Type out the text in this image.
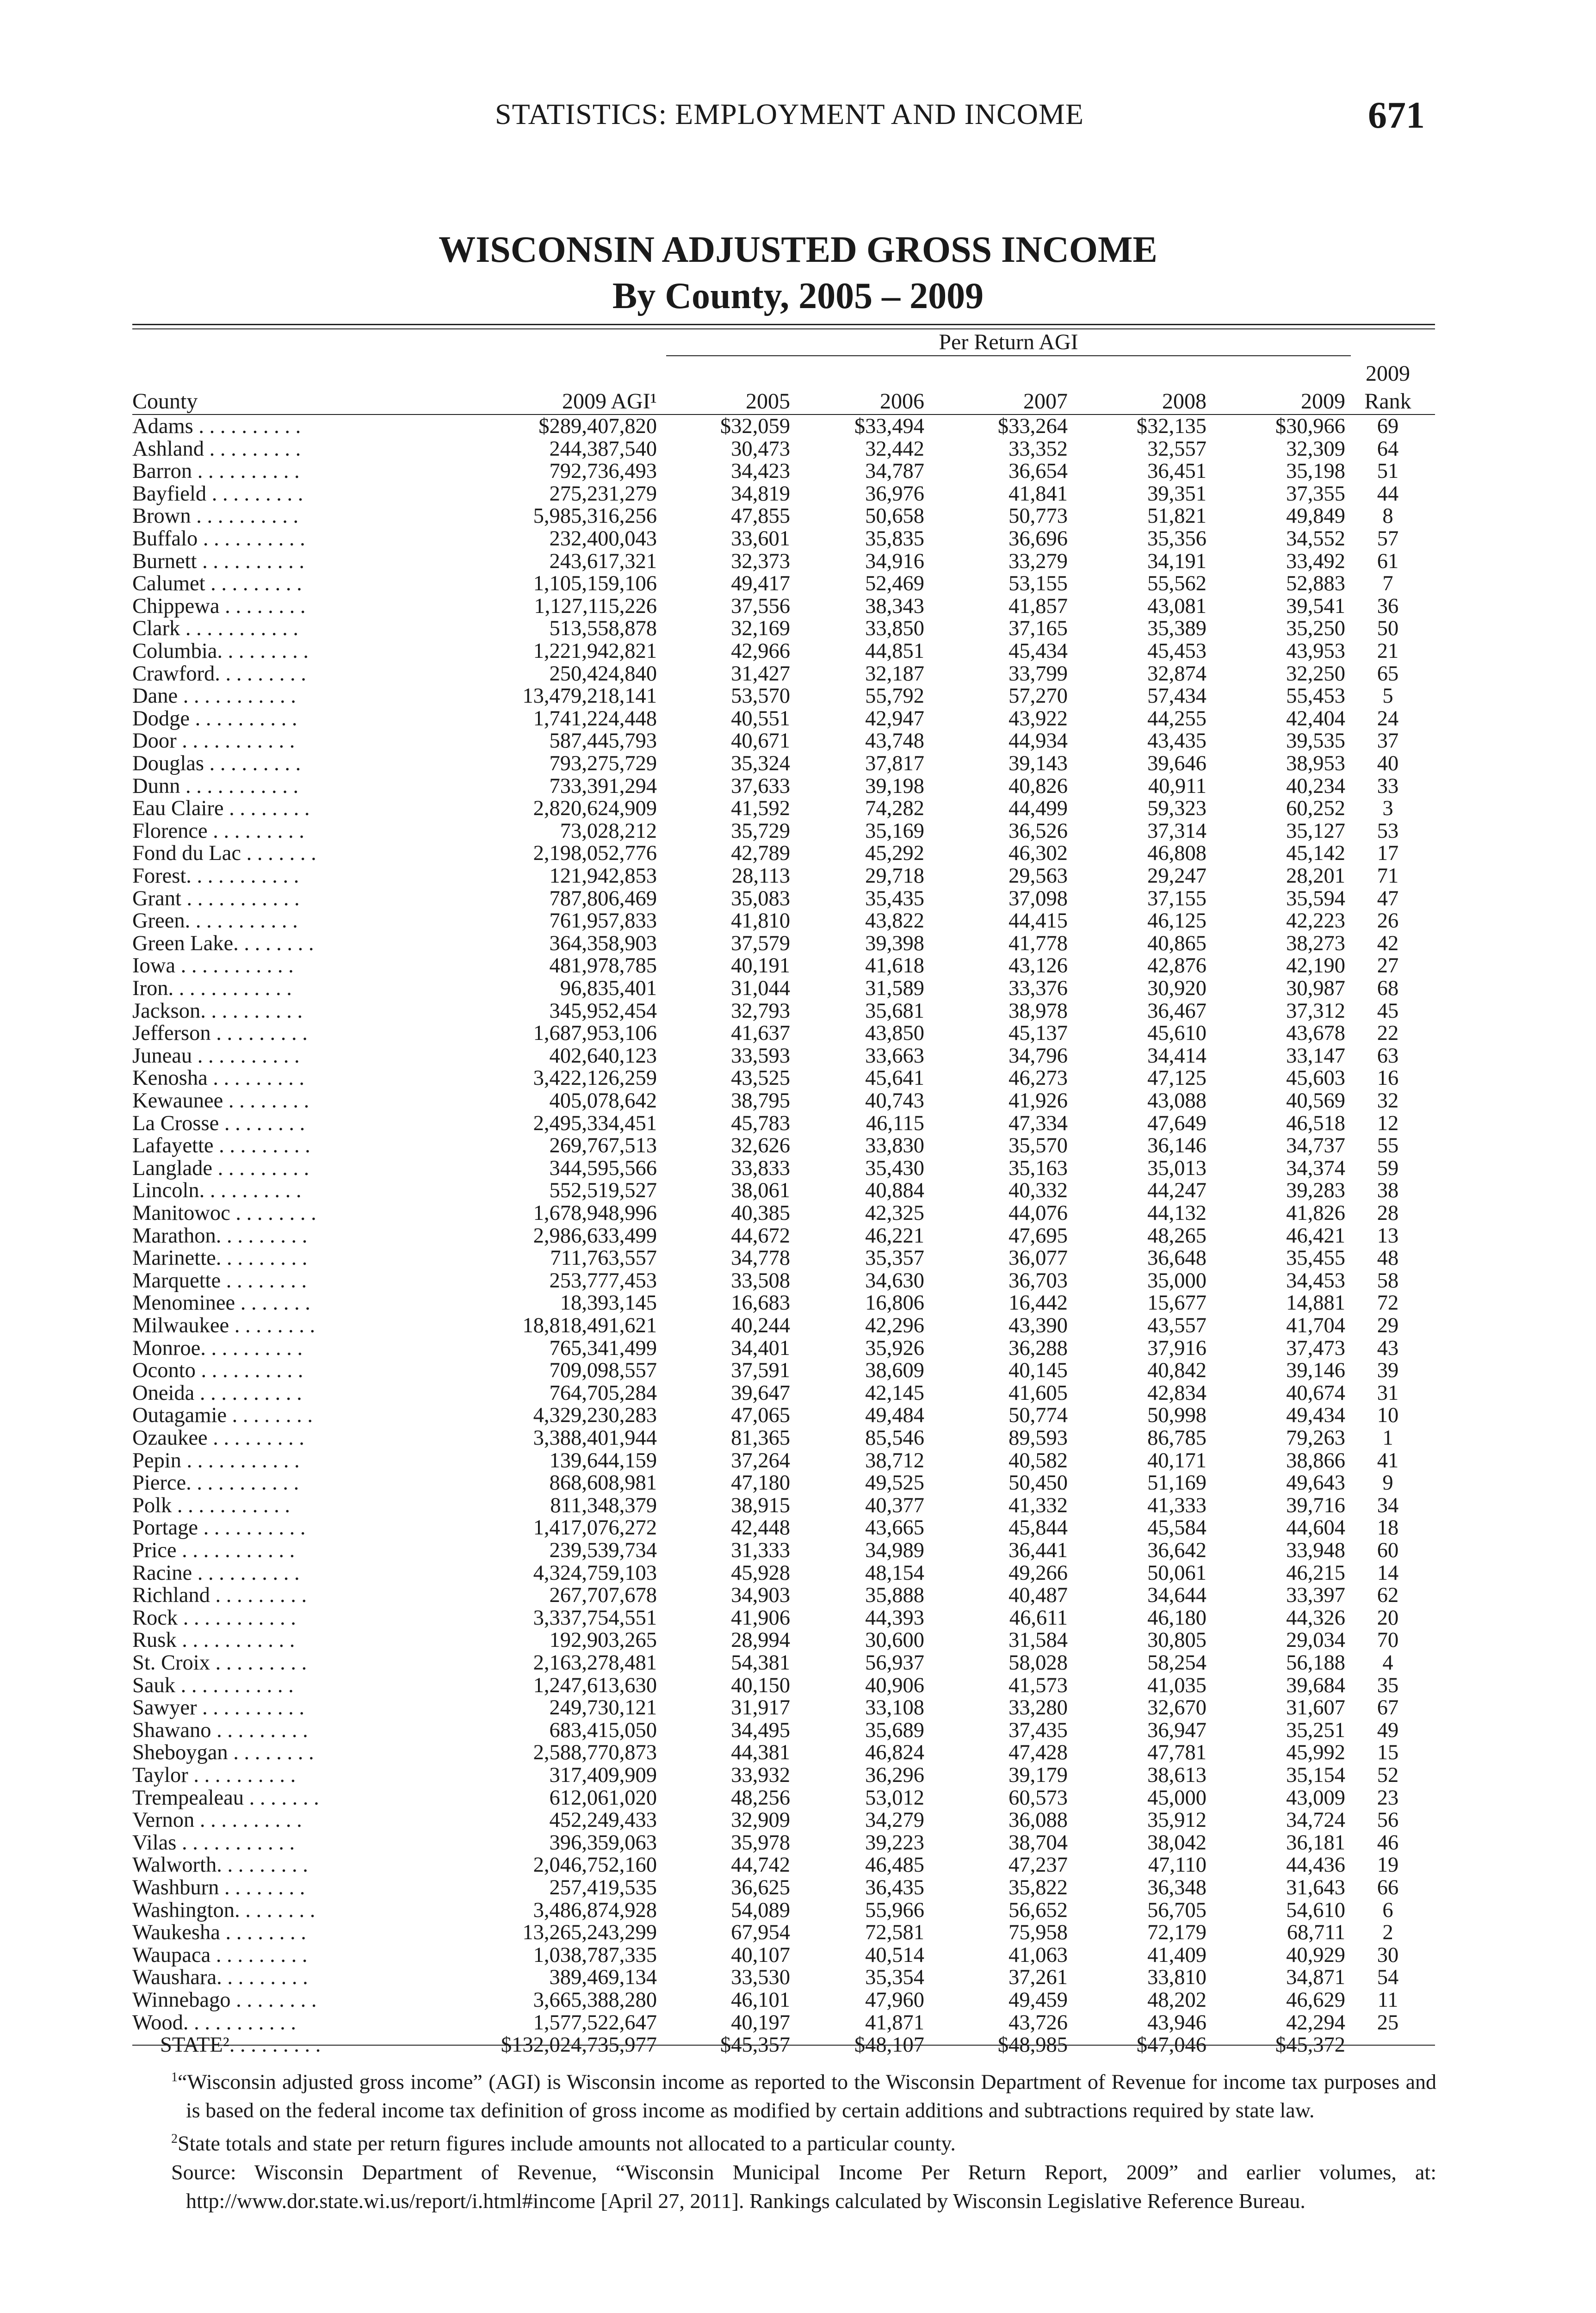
STATISTICS: EMPLOYMENT AND INCOME	671
WISCONSIN ADJUSTED GROSS INCOME
By County, 2005 – 2009
Per Return AGI
County	2009 AGI¹	2005	2006	2007	2008	2009
2009
Rank
Adams . . . . . . . . . .	$289,407,820	$32,059	$33,494	$33,264	$32,135	$30,966	69
Ashland . . . . . . . . .	244,387,540	30,473	32,442	33,352	32,557	32,309	64
Barron . . . . . . . . . .	792,736,493	34,423	34,787	36,654	36,451	35,198	51
Bayfield . . . . . . . . .	275,231,279	34,819	36,976	41,841	39,351	37,355	44
Brown . . . . . . . . . .	5,985,316,256	47,855	50,658	50,773	51,821	49,849	8
Buffalo . . . . . . . . . .	232,400,043	33,601	35,835	36,696	35,356	34,552	57
Burnett . . . . . . . . . .	243,617,321	32,373	34,916	33,279	34,191	33,492	61
Calumet . . . . . . . . .	1,105,159,106	49,417	52,469	53,155	55,562	52,883	7
Chippewa . . . . . . . .	1,127,115,226	37,556	38,343	41,857	43,081	39,541	36
Clark . . . . . . . . . . .	513,558,878	32,169	33,850	37,165	35,389	35,250	50
Columbia. . . . . . . . .	1,221,942,821	42,966	44,851	45,434	45,453	43,953	21
Crawford. . . . . . . . .	250,424,840	31,427	32,187	33,799	32,874	32,250	65
Dane . . . . . . . . . . .	13,479,218,141	53,570	55,792	57,270	57,434	55,453	5
Dodge . . . . . . . . . .	1,741,224,448	40,551	42,947	43,922	44,255	42,404	24
Door . . . . . . . . . . .	587,445,793	40,671	43,748	44,934	43,435	39,535	37
Douglas . . . . . . . . .	793,275,729	35,324	37,817	39,143	39,646	38,953	40
Dunn . . . . . . . . . . .	733,391,294	37,633	39,198	40,826	40,911	40,234	33
Eau Claire . . . . . . . .	2,820,624,909	41,592	74,282	44,499	59,323	60,252	3
Florence . . . . . . . . .	73,028,212	35,729	35,169	36,526	37,314	35,127	53
Fond du Lac . . . . . . .	2,198,052,776	42,789	45,292	46,302	46,808	45,142	17
Forest. . . . . . . . . . .	121,942,853	28,113	29,718	29,563	29,247	28,201	71
Grant . . . . . . . . . . .	787,806,469	35,083	35,435	37,098	37,155	35,594	47
Green. . . . . . . . . . .	761,957,833	41,810	43,822	44,415	46,125	42,223	26
Green Lake. . . . . . . .	364,358,903	37,579	39,398	41,778	40,865	38,273	42
Iowa . . . . . . . . . . .	481,978,785	40,191	41,618	43,126	42,876	42,190	27
Iron. . . . . . . . . . . .	96,835,401	31,044	31,589	33,376	30,920	30,987	68
Jackson. . . . . . . . . .	345,952,454	32,793	35,681	38,978	36,467	37,312	45
Jefferson . . . . . . . . .	1,687,953,106	41,637	43,850	45,137	45,610	43,678	22
Juneau . . . . . . . . . .	402,640,123	33,593	33,663	34,796	34,414	33,147	63
Kenosha . . . . . . . . .	3,422,126,259	43,525	45,641	46,273	47,125	45,603	16
Kewaunee . . . . . . . .	405,078,642	38,795	40,743	41,926	43,088	40,569	32
La Crosse . . . . . . . .	2,495,334,451	45,783	46,115	47,334	47,649	46,518	12
Lafayette . . . . . . . . .	269,767,513	32,626	33,830	35,570	36,146	34,737	55
Langlade . . . . . . . . .	344,595,566	33,833	35,430	35,163	35,013	34,374	59
Lincoln. . . . . . . . . .	552,519,527	38,061	40,884	40,332	44,247	39,283	38
Manitowoc . . . . . . . .	1,678,948,996	40,385	42,325	44,076	44,132	41,826	28
Marathon. . . . . . . . .	2,986,633,499	44,672	46,221	47,695	48,265	46,421	13
Marinette. . . . . . . . .	711,763,557	34,778	35,357	36,077	36,648	35,455	48
Marquette . . . . . . . .	253,777,453	33,508	34,630	36,703	35,000	34,453	58
Menominee . . . . . . .	18,393,145	16,683	16,806	16,442	15,677	14,881	72
Milwaukee . . . . . . . .	18,818,491,621	40,244	42,296	43,390	43,557	41,704	29
Monroe. . . . . . . . . .	765,341,499	34,401	35,926	36,288	37,916	37,473	43
Oconto . . . . . . . . . .	709,098,557	37,591	38,609	40,145	40,842	39,146	39
Oneida . . . . . . . . . .	764,705,284	39,647	42,145	41,605	42,834	40,674	31
Outagamie . . . . . . . .	4,329,230,283	47,065	49,484	50,774	50,998	49,434	10
Ozaukee . . . . . . . . .	3,388,401,944	81,365	85,546	89,593	86,785	79,263	1
Pepin . . . . . . . . . . .	139,644,159	37,264	38,712	40,582	40,171	38,866	41
Pierce. . . . . . . . . . .	868,608,981	47,180	49,525	50,450	51,169	49,643	9
Polk . . . . . . . . . . .	811,348,379	38,915	40,377	41,332	41,333	39,716	34
Portage . . . . . . . . . .	1,417,076,272	42,448	43,665	45,844	45,584	44,604	18
Price . . . . . . . . . . .	239,539,734	31,333	34,989	36,441	36,642	33,948	60
Racine . . . . . . . . . .	4,324,759,103	45,928	48,154	49,266	50,061	46,215	14
Richland . . . . . . . . .	267,707,678	34,903	35,888	40,487	34,644	33,397	62
Rock . . . . . . . . . . .	3,337,754,551	41,906	44,393	46,611	46,180	44,326	20
Rusk . . . . . . . . . . .	192,903,265	28,994	30,600	31,584	30,805	29,034	70
St. Croix . . . . . . . . .	2,163,278,481	54,381	56,937	58,028	58,254	56,188	4
Sauk . . . . . . . . . . .	1,247,613,630	40,150	40,906	41,573	41,035	39,684	35
Sawyer . . . . . . . . . .	249,730,121	31,917	33,108	33,280	32,670	31,607	67
Shawano . . . . . . . . .	683,415,050	34,495	35,689	37,435	36,947	35,251	49
Sheboygan . . . . . . . .	2,588,770,873	44,381	46,824	47,428	47,781	45,992	15
Taylor . . . . . . . . . .	317,409,909	33,932	36,296	39,179	38,613	35,154	52
Trempealeau . . . . . . .	612,061,020	48,256	53,012	60,573	45,000	43,009	23
Vernon . . . . . . . . . .	452,249,433	32,909	34,279	36,088	35,912	34,724	56
Vilas . . . . . . . . . . .	396,359,063	35,978	39,223	38,704	38,042	36,181	46
Walworth. . . . . . . . .	2,046,752,160	44,742	46,485	47,237	47,110	44,436	19
Washburn . . . . . . . .	257,419,535	36,625	36,435	35,822	36,348	31,643	66
Washington. . . . . . . .	3,486,874,928	54,089	55,966	56,652	56,705	54,610	6
Waukesha . . . . . . . .	13,265,243,299	67,954	72,581	75,958	72,179	68,711	2
Waupaca . . . . . . . . .	1,038,787,335	40,107	40,514	41,063	41,409	40,929	30
Waushara. . . . . . . . .	389,469,134	33,530	35,354	37,261	33,810	34,871	54
Winnebago . . . . . . . .	3,665,388,280	46,101	47,960	49,459	48,202	46,629	11
Wood. . . . . . . . . . .	1,577,522,647	40,197	41,871	43,726	43,946	42,294	25
STATE². . . . . . . . .	$132,024,735,977	$45,357	$48,107	$48,985	$47,046	$45,372

$^1$“Wisconsin adjusted gross income” (AGI) is Wisconsin income as reported to the Wisconsin Department of Revenue for income tax purposes and is based on the federal income tax definition of gross income as modified by certain additions and subtractions required by state law.

$^2$State totals and state per return figures include amounts not allocated to a particular county.

Source: Wisconsin Department of Revenue, “Wisconsin Municipal Income Per Return Report, 2009” and earlier volumes, at: http://www.dor.state.wi.us/report/i.html#income [April 27, 2011]. Rankings calculated by Wisconsin Legislative Reference Bureau.
